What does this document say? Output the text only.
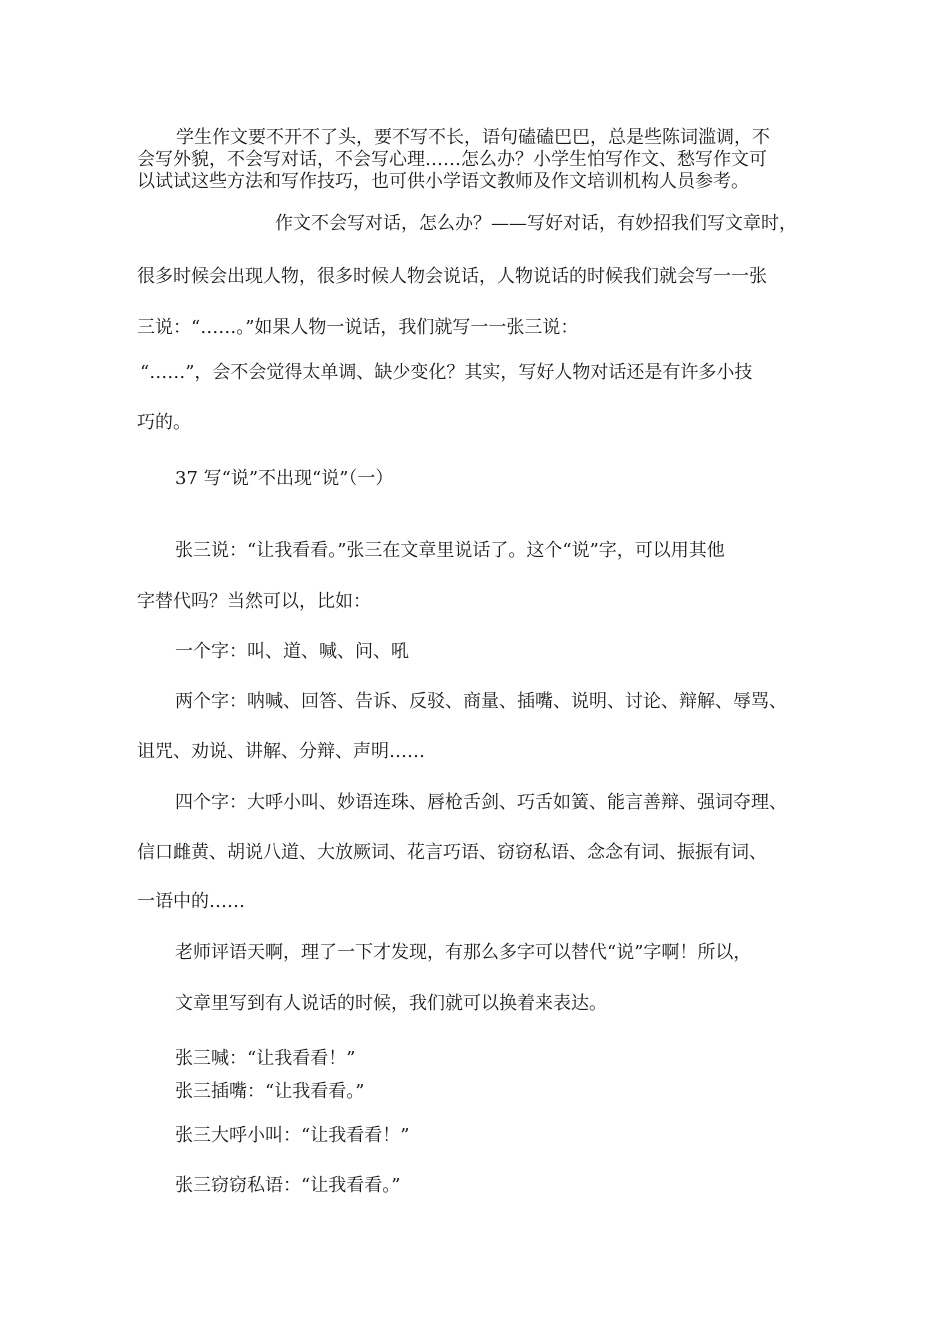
学生作文要不开不了头，要不写不长，语句磕磕巴巴，总是些陈词滥调，不
会写外貌，不会写对话，不会写心理……怎么办？小学生怕写作文、愁写作文可
以试试这些方法和写作技巧，也可供小学语文教师及作文培训机构人员参考。
作文不会写对话，怎么办？——写好对话，有妙招我们写文章时，
很多时候会出现人物，很多时候人物会说话，人物说话的时候我们就会写一一张
三说：“……。”如果人物一说话，我们就写一一张三说：
“……”，会不会觉得太单调、缺少变化？其实，写好人物对话还是有许多小技
巧的。
37 写“说”不出现“说”（一）
张三说：“让我看看。”张三在文章里说话了。这个“说”字，可以用其他
字替代吗？当然可以，比如：
一个字：叫、道、喊、问、吼
两个字：呐喊、回答、告诉、反驳、商量、插嘴、说明、讨论、辩解、辱骂、
诅咒、劝说、讲解、分辩、声明……
四个字：大呼小叫、妙语连珠、唇枪舌剑、巧舌如簧、能言善辩、强词夺理、
信口雌黄、胡说八道、大放厥词、花言巧语、窃窃私语、念念有词、振振有词、
一语中的……
老师评语天啊，理了一下才发现，有那么多字可以替代“说”字啊！所以，
文章里写到有人说话的时候，我们就可以换着来表达。
张三喊：“让我看看！”
张三插嘴：“让我看看。”
张三大呼小叫：“让我看看！”
张三窃窃私语：“让我看看。”
